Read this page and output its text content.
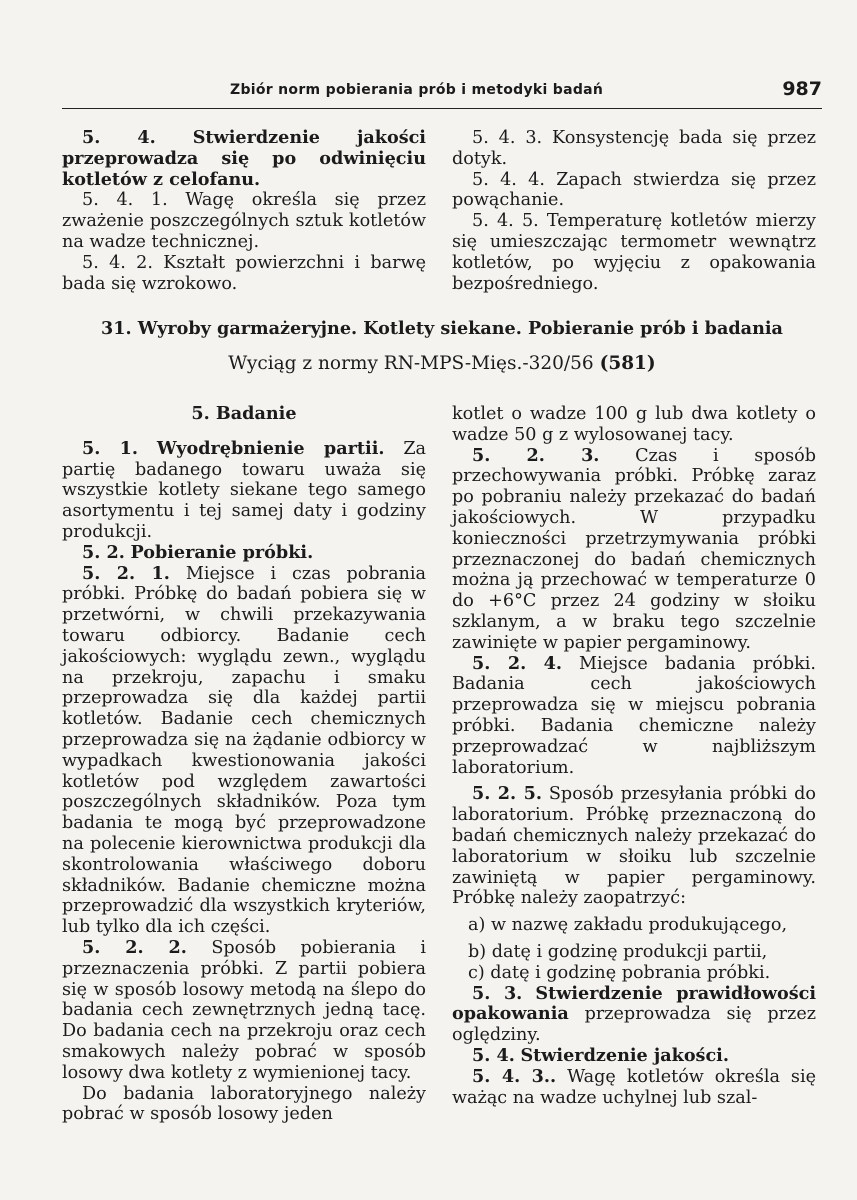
Zbiór norm pobierania prób i metodyki badań	987

5. 4. Stwierdzenie jakości przeprowadza się po odwinięciu kotletów z celofanu.

5. 4. 1. Wagę określa się przez zważenie poszczególnych sztuk kotletów na wadze technicznej.

5. 4. 2. Kształt powierzchni i barwę bada się wzrokowo.

5. 4. 3. Konsystencję bada się przez dotyk.

5. 4. 4. Zapach stwierdza się przez powąchanie.

5. 4. 5. Temperaturę kotletów mierzy się umieszczając termometr wewnątrz kotletów, po wyjęciu z opakowania bezpośredniego.

31. Wyroby garmażeryjne. Kotlety siekane. Pobieranie prób i badania
Wyciąg z normy RN-MPS-Mięs.-320/56 (581)

5. Badanie

5. 1. Wyodrębnienie partii. Za partię badanego towaru uważa się wszystkie kotlety siekane tego samego asortymentu i tej samej daty i godziny produkcji.

5. 2. Pobieranie próbki.

5. 2. 1. Miejsce i czas pobrania próbki. Próbkę do badań pobiera się w przetwórni, w chwili przekazywania towaru odbiorcy. Badanie cech jakościowych: wyglądu zewn., wyglądu na przekroju, zapachu i smaku przeprowadza się dla każdej partii kotletów. Badanie cech chemicznych przeprowadza się na żądanie odbiorcy w wypadkach kwestionowania jakości kotletów pod względem zawartości poszczególnych składników. Poza tym badania te mogą być przeprowadzone na polecenie kierownictwa produkcji dla skontrolowania właściwego doboru składników. Badanie chemiczne można przeprowadzić dla wszystkich kryteriów, lub tylko dla ich części.

5. 2. 2. Sposób pobierania i przeznaczenia próbki. Z partii pobiera się w sposób losowy metodą na ślepo do badania cech zewnętrznych jedną tacę. Do badania cech na przekroju oraz cech smakowych należy pobrać w sposób losowy dwa kotlety z wymienionej tacy.

Do badania laboratoryjnego należy pobrać w sposób losowy jeden

kotlet o wadze 100 g lub dwa kotlety o wadze 50 g z wylosowanej tacy.

5. 2. 3. Czas i sposób przechowywania próbki. Próbkę zaraz po pobraniu należy przekazać do badań jakościowych. W przypadku konieczności przetrzymywania próbki przeznaczonej do badań chemicznych można ją przechować w temperaturze 0 do +6°C przez 24 godziny w słoiku szklanym, a w braku tego szczelnie zawinięte w papier pergaminowy.

5. 2. 4. Miejsce badania próbki. Badania cech jakościowych przeprowadza się w miejscu pobrania próbki. Badania chemiczne należy przeprowadzać w najbliższym laboratorium.

5. 2. 5. Sposób przesyłania próbki do laboratorium. Próbkę przeznaczoną do badań chemicznych należy przekazać do laboratorium w słoiku lub szczelnie zawiniętą w papier pergaminowy. Próbkę należy zaopatrzyć:

a) w nazwę zakładu produkującego,

b) datę i godzinę produkcji partii,

c) datę i godzinę pobrania próbki.

5. 3. Stwierdzenie prawidłowości opakowania przeprowadza się przez oględziny.

5. 4. Stwierdzenie jakości.

5. 4. 3.. Wagę kotletów określa się ważąc na wadze uchylnej lub szal-
